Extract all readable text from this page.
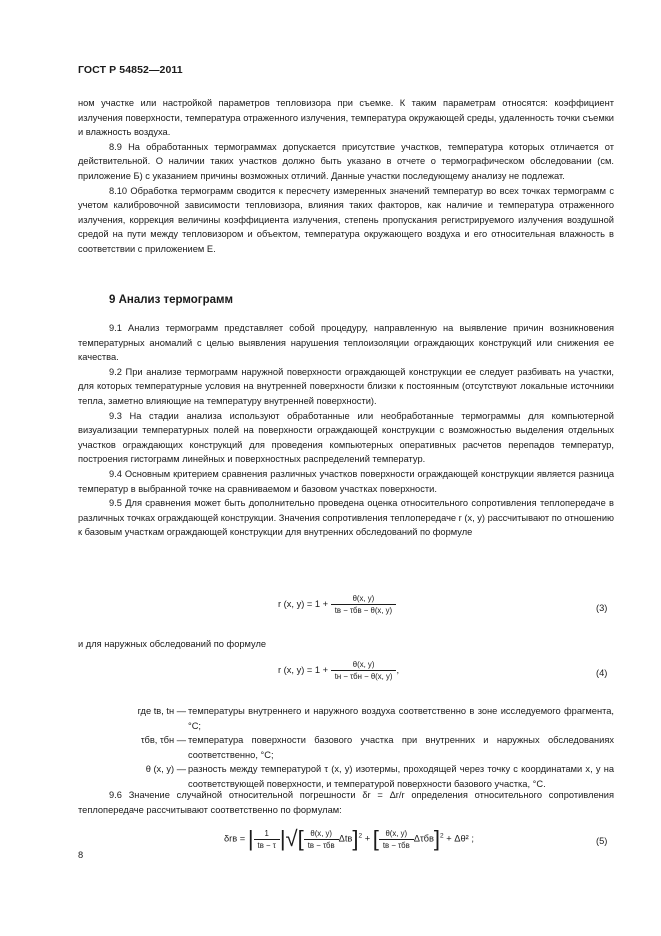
ГОСТ Р 54852—2011

ном участке или настройкой параметров тепловизора при съемке. К таким параметрам относятся: коэффициент излучения поверхности, температура отраженного излучения, температура окружающей среды, удаленность точки съемки и влажность воздуха.

8.9 На обработанных термограммах допускается присутствие участков, температура которых отличается от действительной. О наличии таких участков должно быть указано в отчете о термографическом обследовании (см. приложение Б) с указанием причины возможных отличий. Данные участки последующему анализу не подлежат.

8.10 Обработка термограмм сводится к пересчету измеренных значений температур во всех точках термограмм с учетом калибровочной зависимости тепловизора, влияния таких факторов, как наличие и температура отраженного излучения, коррекция величины коэффициента излучения, степень пропускания регистрируемого излучения воздушной средой на пути между тепловизором и объектом, температура окружающего воздуха и его относительная влажность в соответствии с приложением Е.

9 Анализ термограмм

9.1 Анализ термограмм представляет собой процедуру, направленную на выявление причин возникновения температурных аномалий с целью выявления нарушения теплоизоляции ограждающих конструкций или снижения ее качества.

9.2 При анализе термограмм наружной поверхности ограждающей конструкции ее следует разбивать на участки, для которых температурные условия на внутренней поверхности близки к постоянным (отсутствуют локальные источники тепла, заметно влияющие на температуру внутренней поверхности).

9.3 На стадии анализа используют обработанные или необработанные термограммы для компьютерной визуализации температурных полей на поверхности ограждающей конструкции с возможностью выделения отдельных участков ограждающих конструкций для проведения компьютерных оперативных расчетов перепадов температур, построения гистограмм линейных и поверхностных распределений температур.

9.4 Основным критерием сравнения различных участков поверхности ограждающей конструкции является разница температур в выбранной точке на сравниваемом и базовом участках поверхности.

9.5 Для сравнения может быть дополнительно проведена оценка относительного сопротивления теплопередаче в различных точках ограждающей конструкции. Значения сопротивления теплопередаче r (x, y) рассчитывают по отношению к базовым участкам ограждающей конструкции для внутренних обследований по формуле

r (x, $y) = 1 + \frac{\theta(x, y)}{\text{tв − τбв − θ(x, y)}}$	(3)

и для наружных обследований по формуле

r (x, $y) = 1 + \frac{\theta(x, y)}{\text{tн − τбн − θ(x, y)}}$ ,	(4)
где tв, tн — температуры внутреннего и наружного воздуха соответственно в зоне исследуемого фрагмента, °С;
τбв, τбн — температура поверхности базового участка при внутренних и наружных обследованиях соответственно, °С;
θ (x, y) — разность между температурой τ (x, y) изотермы, проходящей через точку с координатами x, y на соответствующей поверхности, и температурой поверхности базового участка, °С.

9.6 Значение случайной относительной погрешности δr = Δr/r определения относительного сопротивления теплопередаче рассчитывают соответственно по формулам:

δrв = | $\frac{1}{tв - \tau}$ |√[ $\frac{\theta(x, y)}{\text{tв − τбв}} \Delta tв]^2$ + [ $\frac{\theta(x, y)}{\text{tв − τбв}} \Delta\tau бв]^2 + \Delta\theta^2$ ;	(5)
8
